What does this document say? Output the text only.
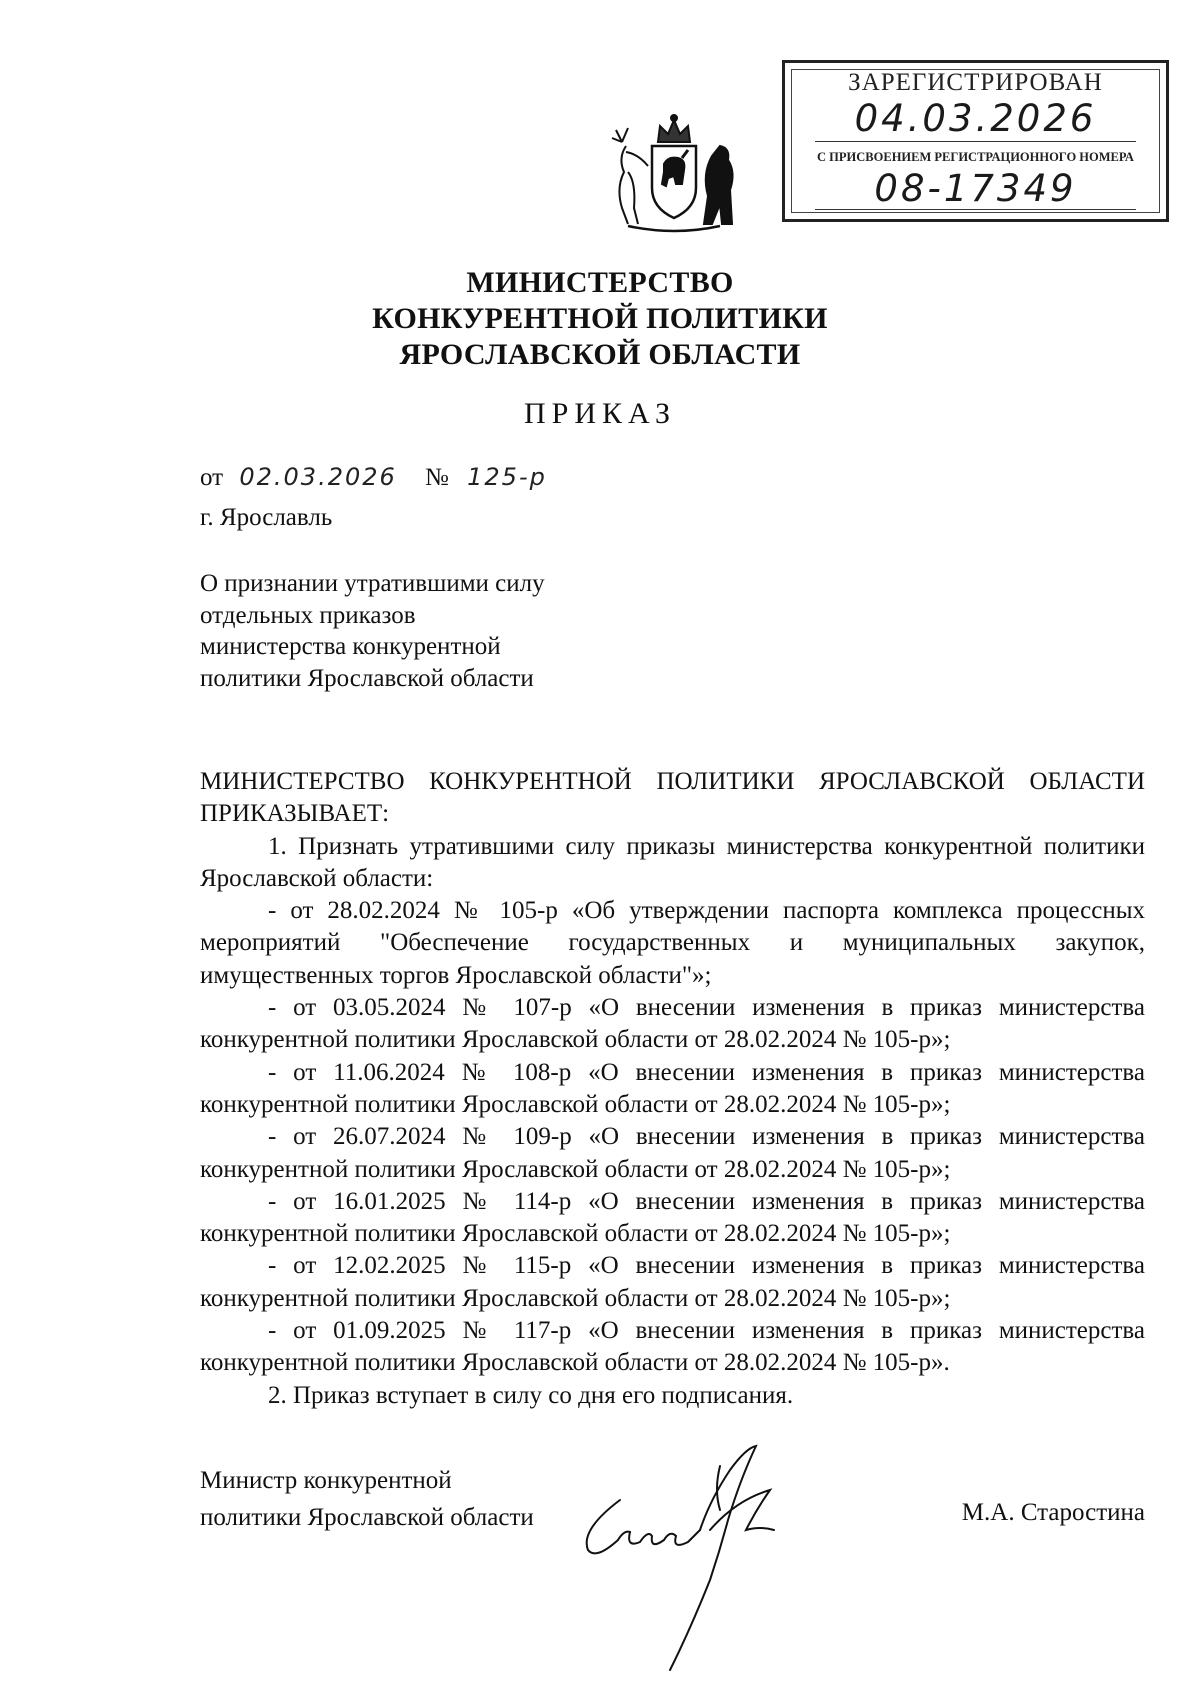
ЗАРЕГИСТРИРОВАН
04.03.2026
С ПРИСВОЕНИЕМ РЕГИСТРАЦИОННОГО НОМЕРА
08-17349
МИНИСТЕРСТВО
КОНКУРЕНТНОЙ ПОЛИТИКИ
ЯРОСЛАВСКОЙ ОБЛАСТИ
ПРИКАЗ
от 02.03.2026 № 125-р
г. Ярославль
О признании утратившими силу
отдельных приказов
министерства конкурентной
политики Ярославской области

МИНИСТЕРСТВО КОНКУРЕНТНОЙ ПОЛИТИКИ ЯРОСЛАВСКОЙ ОБЛАСТИ ПРИКАЗЫВАЕТ:

1. Признать утратившими силу приказы министерства конкурентной политики Ярославской области:

- от 28.02.2024 № 105-р «Об утверждении паспорта комплекса процессных мероприятий "Обеспечение государственных и муниципальных закупок, имущественных торгов Ярославской области"»;

- от 03.05.2024 № 107-р «О внесении изменения в приказ министерства конкурентной политики Ярославской области от 28.02.2024 № 105-р»;

- от 11.06.2024 № 108-р «О внесении изменения в приказ министерства конкурентной политики Ярославской области от 28.02.2024 № 105-р»;

- от 26.07.2024 № 109-р «О внесении изменения в приказ министерства конкурентной политики Ярославской области от 28.02.2024 № 105-р»;

- от 16.01.2025 № 114-р «О внесении изменения в приказ министерства конкурентной политики Ярославской области от 28.02.2024 № 105-р»;

- от 12.02.2025 № 115-р «О внесении изменения в приказ министерства конкурентной политики Ярославской области от 28.02.2024 № 105-р»;

- от 01.09.2025 № 117-р «О внесении изменения в приказ министерства конкурентной политики Ярославской области от 28.02.2024 № 105-р».

2. Приказ вступает в силу со дня его подписания.

Министр конкурентной
политики Ярославской области	М.А. Старостина
